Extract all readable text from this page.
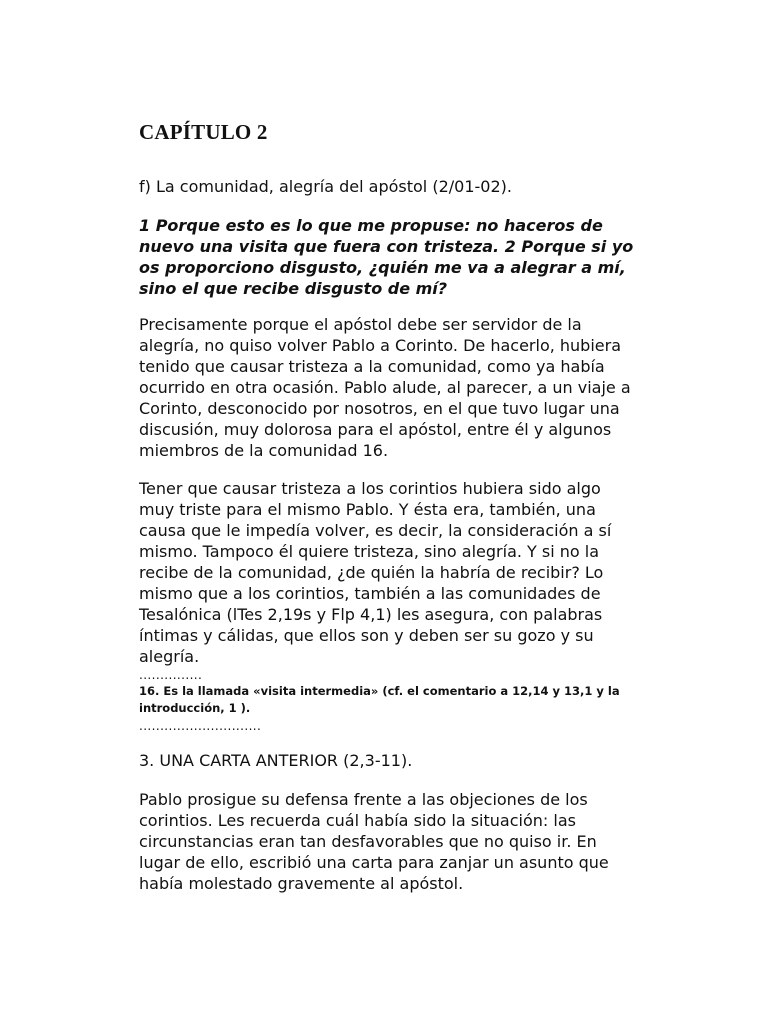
CAPÍTULO 2

f) La comunidad, alegría del apóstol (2/01-02).

1 Porque esto es lo que me propuse: no haceros de nuevo una visita que fuera con tristeza. 2 Porque si yo os proporciono disgusto, ¿quién me va a alegrar a mí, sino el que recibe disgusto de mí?

Precisamente porque el apóstol debe ser servidor de la alegría, no quiso volver Pablo a Corinto. De hacerlo, hubiera tenido que causar tristeza a la comunidad, como ya había ocurrido en otra ocasión. Pablo alude, al parecer, a un viaje a Corinto, desconocido por nosotros, en el que tuvo lugar una discusión, muy dolorosa para el apóstol, entre él y algunos miembros de la comunidad 16.

Tener que causar tristeza a los corintios hubiera sido algo muy triste para el mismo Pablo. Y ésta era, también, una causa que le impedía volver, es decir, la consideración a sí mismo. Tampoco él quiere tristeza, sino alegría. Y si no la recibe de la comunidad, ¿de quién la habría de recibir? Lo mismo que a los corintios, también a las comunidades de Tesalónica (lTes 2,19s y Flp 4,1) les asegura, con palabras íntimas y cálidas, que ellos son y deben ser su gozo y su alegría.

...............

16. Es la llamada «visita intermedia» (cf. el comentario a 12,14 y 13,1 y la introducción, 1 ).

.............................

3. UNA CARTA ANTERIOR (2,3-11).

Pablo prosigue su defensa frente a las objeciones de los corintios. Les recuerda cuál había sido la situación: las circunstancias eran tan desfavorables que no quiso ir. En lugar de ello, escribió una carta para zanjar un asunto que había molestado gravemente al apóstol.
